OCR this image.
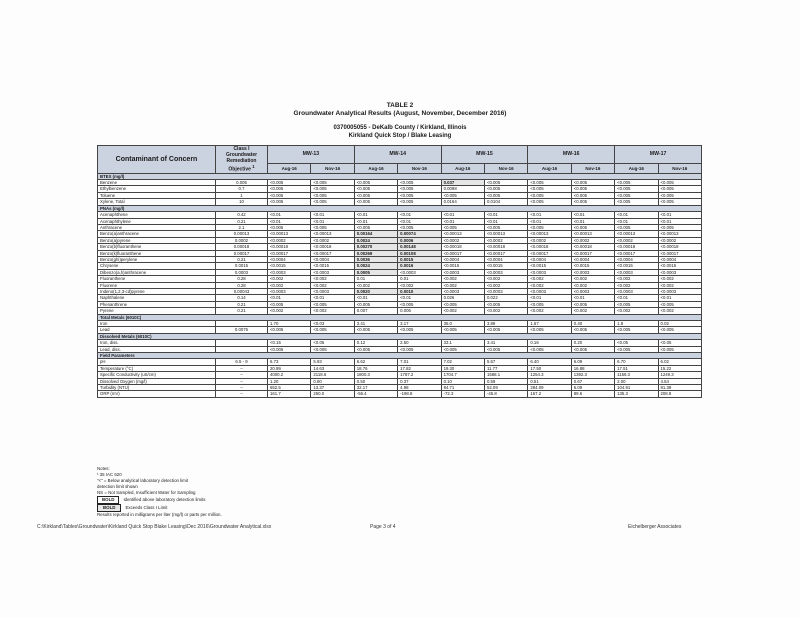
TABLE 2
Groundwater Analytical Results (August, November, December 2016)
0370005055 - DeKalb County / Kirkland, Illinois
Kirkland Quick Stop / Blake Leasing
Contaminant of Concern	Class I Groundwater Remediation Objective $^1$	MW-13		MW-14		MW-15		MW-16		MW-17	
		Aug-16	Nov-16	Aug-16	Nov-16	Aug-16	Nov-16	Aug-16	Nov-16	Aug-16	Nov-16
BTEX (mg/l)											
Benzene	0.005	<0.005	<0.005	<0.005	<0.005	0.037	<0.005	<0.005	<0.005	<0.005	<0.005
Ethylbenzene	0.7	<0.005	<0.005	<0.005	<0.005	0.0098	<0.005	<0.005	<0.005	<0.005	<0.005
Toluene	1	<0.005	<0.005	<0.005	<0.005	<0.005	<0.005	<0.005	<0.005	<0.005	<0.005
Xylene, Total	10	<0.005	<0.005	<0.005	<0.005	0.0164	0.0104	<0.005	<0.005	<0.005	<0.005
PNAs (mg/l)											
Acenaphthene	0.42	<0.01	<0.01	<0.01	<0.01	<0.01	<0.01	<0.01	<0.01	<0.01	<0.01
Acenaphthylene	0.21	<0.01	<0.01	<0.01	<0.01	<0.01	<0.01	<0.01	<0.01	<0.01	<0.01
Anthracene	2.1	<0.005	<0.005	<0.005	<0.005	<0.005	<0.005	<0.005	<0.005	<0.005	<0.005
Benzo(a)anthracene	0.00013	<0.00013	<0.00013	0.00164	0.00074	<0.00013	<0.00013	<0.00013	<0.00013	<0.00013	<0.00013
Benzo(a)pyrene	0.0002	<0.0002	<0.0002	0.0024	0.0006	<0.0002	<0.0002	<0.0002	<0.0002	<0.0002	<0.0002
Benzo(b)fluoranthene	0.00018	<0.00018	<0.00018	0.00270	0.00148	<0.00018	<0.00018	<0.00018	<0.00018	<0.00018	<0.00018
Benzo(k)fluoranthene	0.00017	<0.00017	<0.00017	0.00269	0.00108	<0.00017	<0.00017	<0.00017	<0.00017	<0.00017	<0.00017
Benzo(ghi)perylene	0.21	<0.0004	<0.0004	0.0036	0.0015	<0.0004	<0.0004	<0.0004	<0.0004	<0.0004	<0.0004
Chrysene	0.0015	<0.0015	<0.0015	0.0024	0.0016	<0.0015	<0.0015	<0.0015	<0.0015	<0.0015	<0.0015
Dibenzo(a,h)anthracene	0.0003	<0.0003	<0.0003	0.0005	<0.0003	<0.0003	<0.0003	<0.0003	<0.0003	<0.0003	<0.0003
Fluoranthene	0.28	<0.002	<0.002	0.01	0.01	<0.002	<0.002	<0.002	<0.002	<0.002	<0.002
Fluorene	0.28	<0.002	<0.002	<0.002	<0.002	<0.002	<0.002	<0.002	<0.002	<0.002	<0.002
Indeno(1,2,3-cd)pyrene	0.00043	<0.0003	<0.0003	0.0020	0.0010	<0.0003	<0.0003	<0.0003	<0.0003	<0.0003	<0.0003
Naphthalene	0.14	<0.01	<0.01	<0.01	<0.01	0.026	0.022	<0.01	<0.01	<0.01	<0.01
Phenanthrene	0.21	<0.005	<0.005	<0.005	<0.005	<0.005	<0.005	<0.005	<0.005	<0.005	<0.005
Pyrene	0.21	<0.002	<0.002	0.007	0.006	<0.002	<0.002	<0.002	<0.002	<0.002	<0.002
Total Metals (6010C)											
Iron		1.70	<0.03	3.41	3.17	35.0	3.89	1.67	0.40	1.8	0.02
Lead	0.0075	<0.005	<0.005	<0.005	<0.005	<0.005	<0.005	<0.005	<0.005	<0.005	<0.005
Dissolved Metals (6010C)											
Iron, diss.		<0.15	<0.05	0.12	2.50	33.1	3.41	0.16	0.20	<0.05	<0.05
Lead, diss.		<0.005	<0.005	<0.005	<0.005	<0.005	<0.005	<0.005	<0.005	<0.005	<0.005
Field Parameters											
pH	6.5 - 9	6.73	5.93	6.62	7.01	7.02	5.57	6.40	6.09	6.70	6.02
Temperature (°C)	--	20.99	14.63	18.76	17.82	19.30	11.77	17.50	16.88	17.51	15.22
Specific Conductivity (uS/cm)	--	4000.2	2118.6	1800.3	1787.2	1704.7	1588.1	1254.3	1392.3	1159.3	1249.3
Dissolved Oxygen (mg/l)	--	1.20	0.80	0.50	0.37	0.10	0.59	0.51	0.67	2.00	4.54
Turbidity (NTU)	--	652.5	13.37	32.17	4.98	84.71	52.09	284.09	6.09	104.91	81.39
ORP (mV)	--	161.7	250.0	-56.4	-198.8	-72.3	-45.8	167.2	89.6	135.3	208.8
Notes:
¹ 35 IAC 620
"<" = Below analytical laboratory detection limit
detection limit shown
NS = Not Sampled, Insufficient Water for Sampling
BOLD Identified above laboratory detection limits
BOLD Exceeds Class I Limit
Results reported in milligrams per liter (mg/l) or parts per million.
C:\Kirkland\Tables\Groundwater\Kirkland Quick Stop Blake Leasing\Dec 2016\Groundwater Analytical.xlsx	Page 3 of 4	Eichelberger Associates
